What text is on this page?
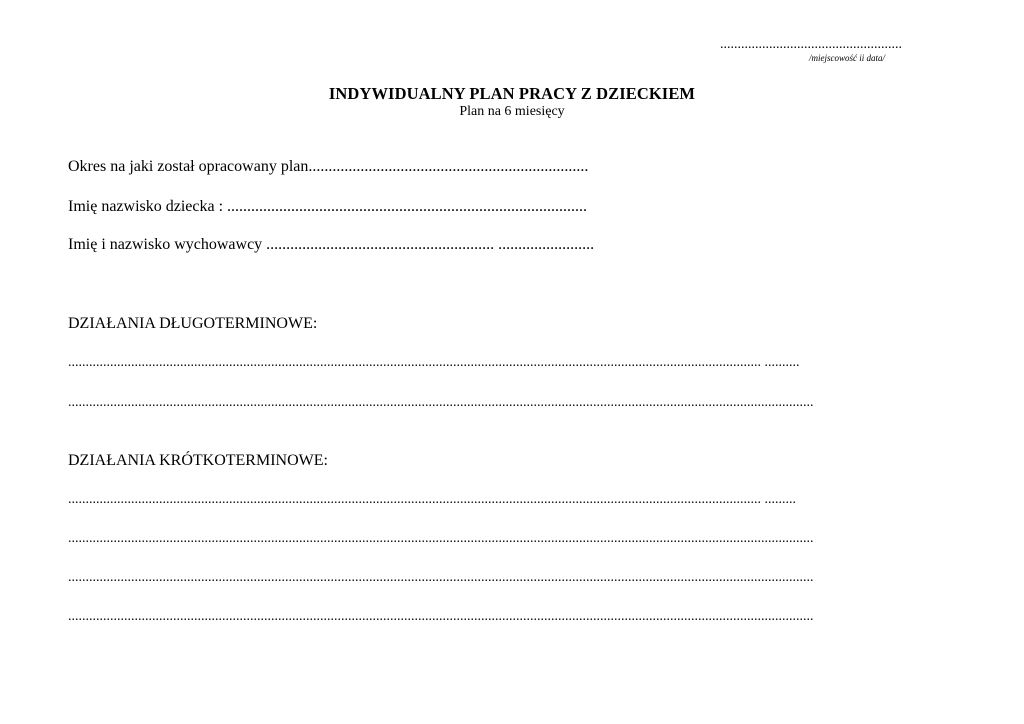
....................................................
/miejscowość ii data/
INDYWIDUALNY PLAN PRACY Z DZIECKIEM
Plan na 6 miesięcy
Okres na jaki został opracowany plan......................................................................
Imię nazwisko dziecka : ..........................................................................................
Imię i nazwisko wychowawcy ......................................................... ........................
DZIAŁANIA DŁUGOTERMINOWE:
...................................................................................................................................................................................................... ..........
.....................................................................................................................................................................................................................
DZIAŁANIA KRÓTKOTERMINOWE:
...................................................................................................................................................................................................... .........
.....................................................................................................................................................................................................................
.....................................................................................................................................................................................................................
.....................................................................................................................................................................................................................
